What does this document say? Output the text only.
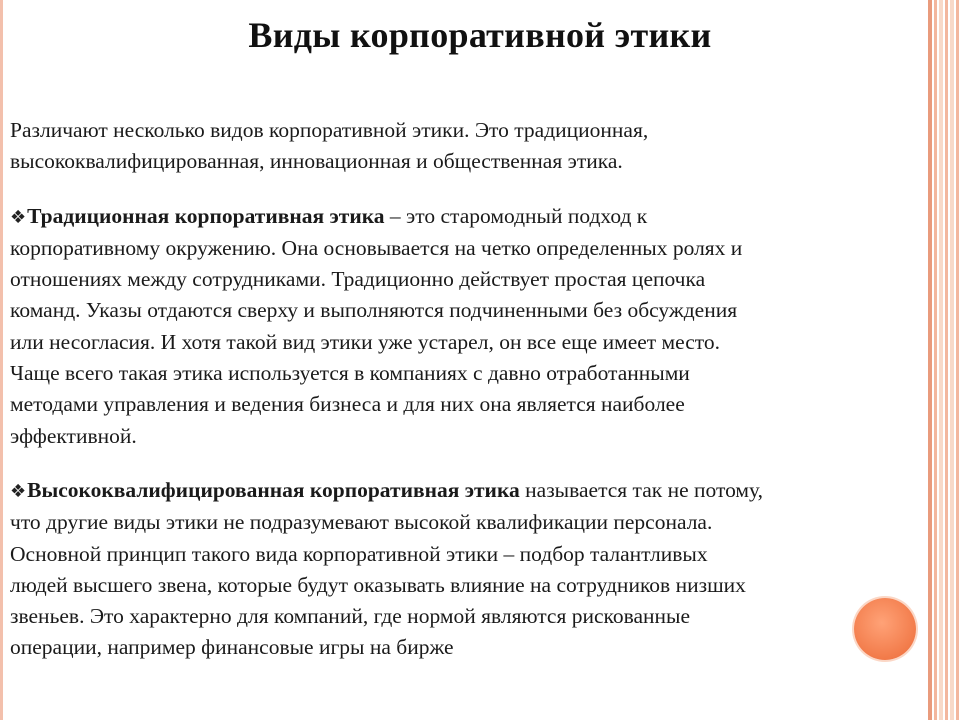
Виды корпоративной этики

Различают несколько видов корпоративной этики. Это традиционная,

высококвалифицированная, инновационная и общественная этика.

❖Традиционная корпоративная этика – это старомодный подход к

корпоративному окружению. Она основывается на четко определенных ролях и

отношениях между сотрудниками. Традиционно действует простая цепочка

команд. Указы отдаются сверху и выполняются подчиненными без обсуждения

или несогласия. И хотя такой вид этики уже устарел, он все еще имеет место.

Чаще всего такая этика используется в компаниях с давно отработанными

методами управления и ведения бизнеса и для них она является наиболее

эффективной.

❖Высококвалифицированная корпоративная этика называется так не потому,

что другие виды этики не подразумевают высокой квалификации персонала.

Основной принцип такого вида корпоративной этики – подбор талантливых

людей высшего звена, которые будут оказывать влияние на сотрудников низших

звеньев. Это характерно для компаний, где нормой являются рискованные

операции, например финансовые игры на бирже
